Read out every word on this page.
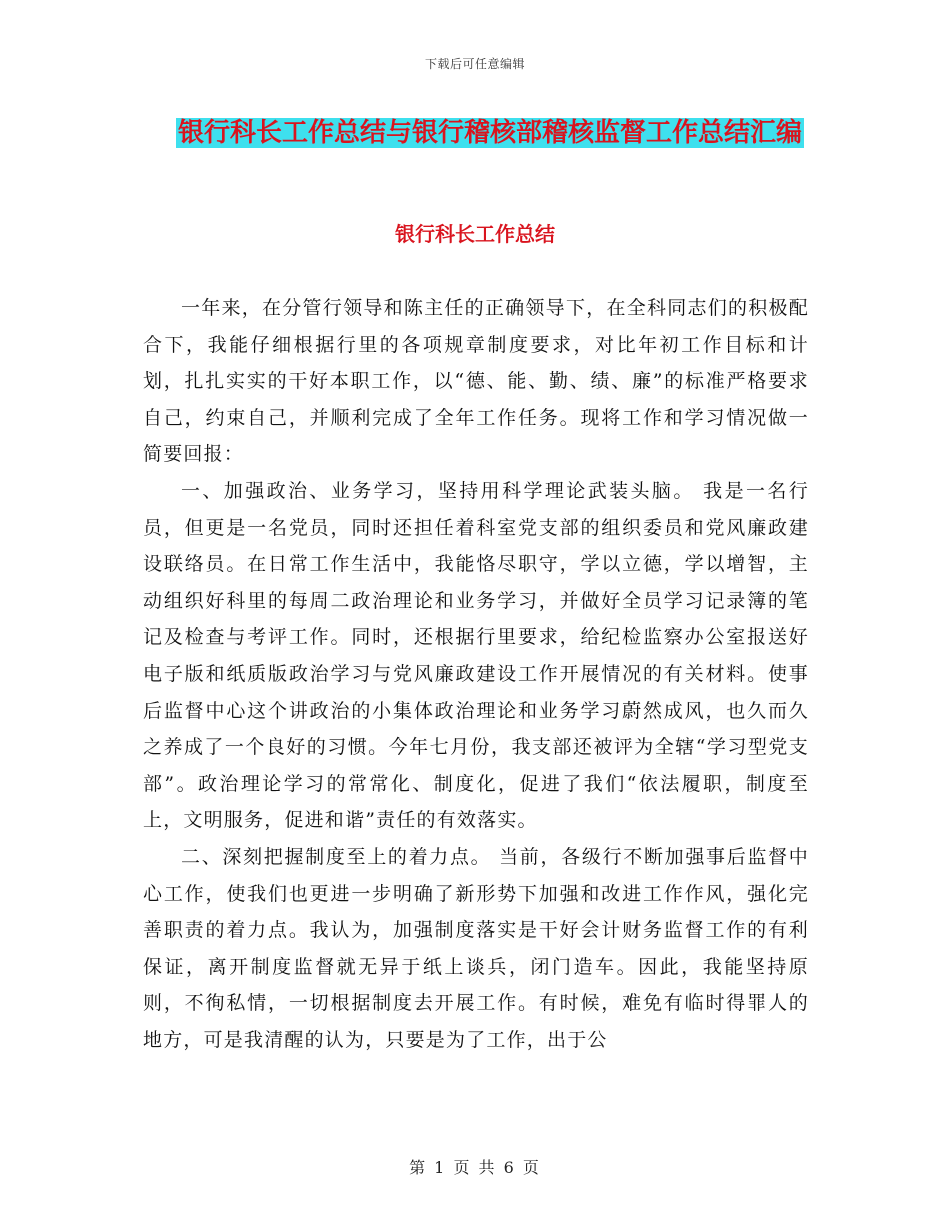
下载后可任意编辑
银行科长工作总结与银行稽核部稽核监督工作总结汇编
银行科长工作总结

一年来，在分管行领导和陈主任的正确领导下，在全科同志们的积极配合下，我能仔细根据行里的各项规章制度要求，对比年初工作目标和计划，扎扎实实的干好本职工作，以“德、能、勤、绩、廉”的标准严格要求自己，约束自己，并顺利完成了全年工作任务。现将工作和学习情况做一简要回报：

一、加强政治、业务学习，坚持用科学理论武装头脑。 我是一名行员，但更是一名党员，同时还担任着科室党支部的组织委员和党风廉政建设联络员。在日常工作生活中，我能恪尽职守，学以立德，学以增智，主动组织好科里的每周二政治理论和业务学习，并做好全员学习记录簿的笔记及检查与考评工作。同时，还根据行里要求，给纪检监察办公室报送好电子版和纸质版政治学习与党风廉政建设工作开展情况的有关材料。使事后监督中心这个讲政治的小集体政治理论和业务学习蔚然成风，也久而久之养成了一个良好的习惯。今年七月份，我支部还被评为全辖“学习型党支部”。政治理论学习的常常化、制度化，促进了我们“依法履职，制度至上，文明服务，促进和谐”责任的有效落实。

二、深刻把握制度至上的着力点。 当前，各级行不断加强事后监督中心工作，使我们也更进一步明确了新形势下加强和改进工作作风，强化完善职责的着力点。我认为，加强制度落实是干好会计财务监督工作的有利保证，离开制度监督就无异于纸上谈兵，闭门造车。因此，我能坚持原则，不徇私情，一切根据制度去开展工作。有时候，难免有临时得罪人的地方，可是我清醒的认为，只要是为了工作，出于公

第 1 页 共 6 页
